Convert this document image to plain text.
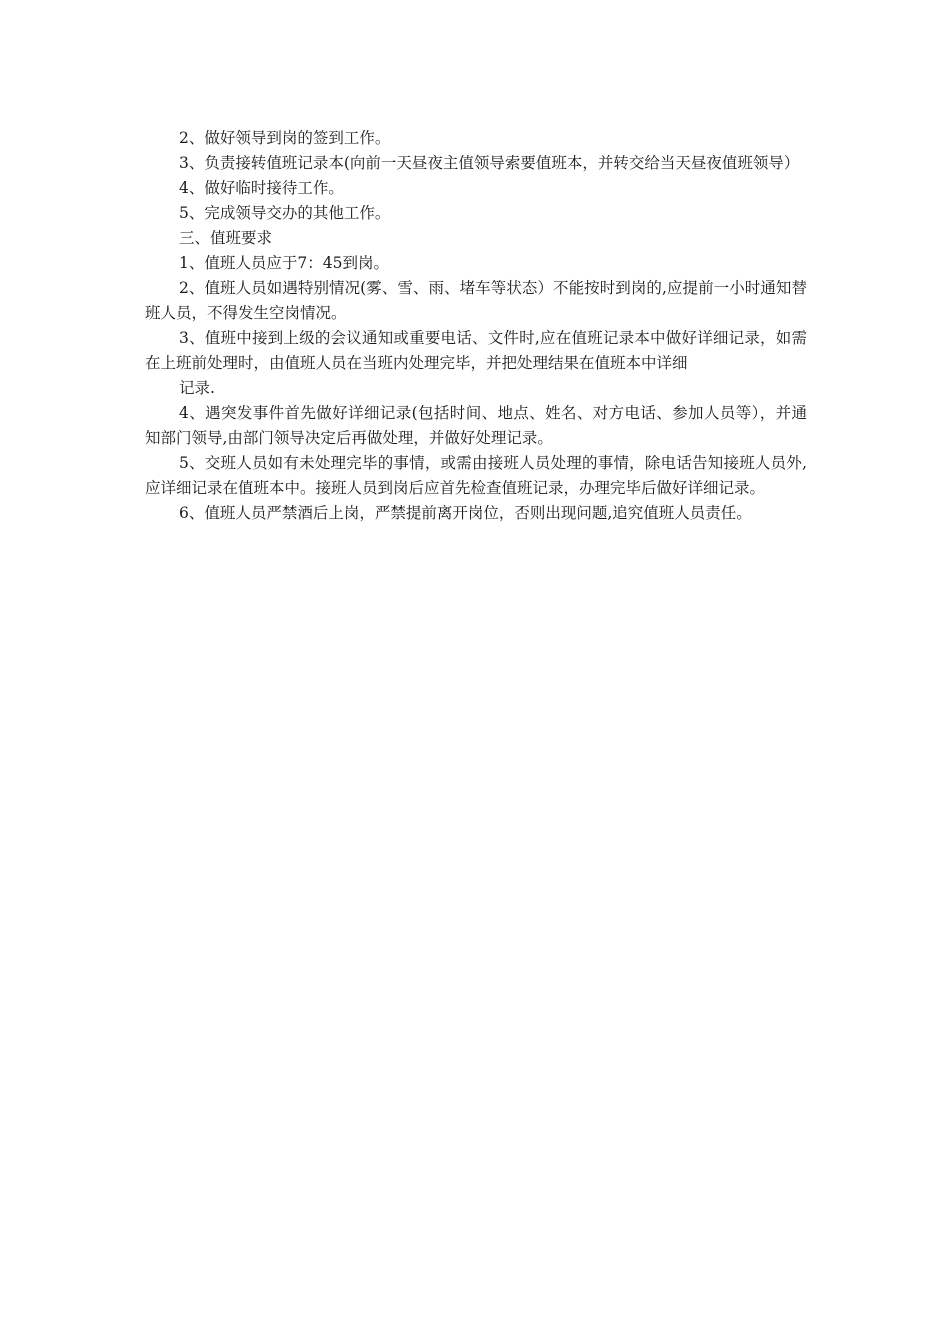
2、做好领导到岗的签到工作。

3、负责接转值班记录本(向前一天昼夜主值领导索要值班本，并转交给当天昼夜值班领导）

4、做好临时接待工作。

5、完成领导交办的其他工作。

三、值班要求

1、值班人员应于7：45到岗。

2、值班人员如遇特别情况(雾、雪、雨、堵车等状态）不能按时到岗的,应提前一小时通知替班人员，不得发生空岗情况。

3、值班中接到上级的会议通知或重要电话、文件时,应在值班记录本中做好详细记录，如需在上班前处理时，由值班人员在当班内处理完毕，并把处理结果在值班本中详细

记录.

4、遇突发事件首先做好详细记录(包括时间、地点、姓名、对方电话、参加人员等），并通知部门领导,由部门领导决定后再做处理，并做好处理记录。

5、交班人员如有未处理完毕的事情，或需由接班人员处理的事情，除电话告知接班人员外,应详细记录在值班本中。接班人员到岗后应首先检查值班记录，办理完毕后做好详细记录。

6、值班人员严禁酒后上岗，严禁提前离开岗位，否则出现问题,追究值班人员责任。
